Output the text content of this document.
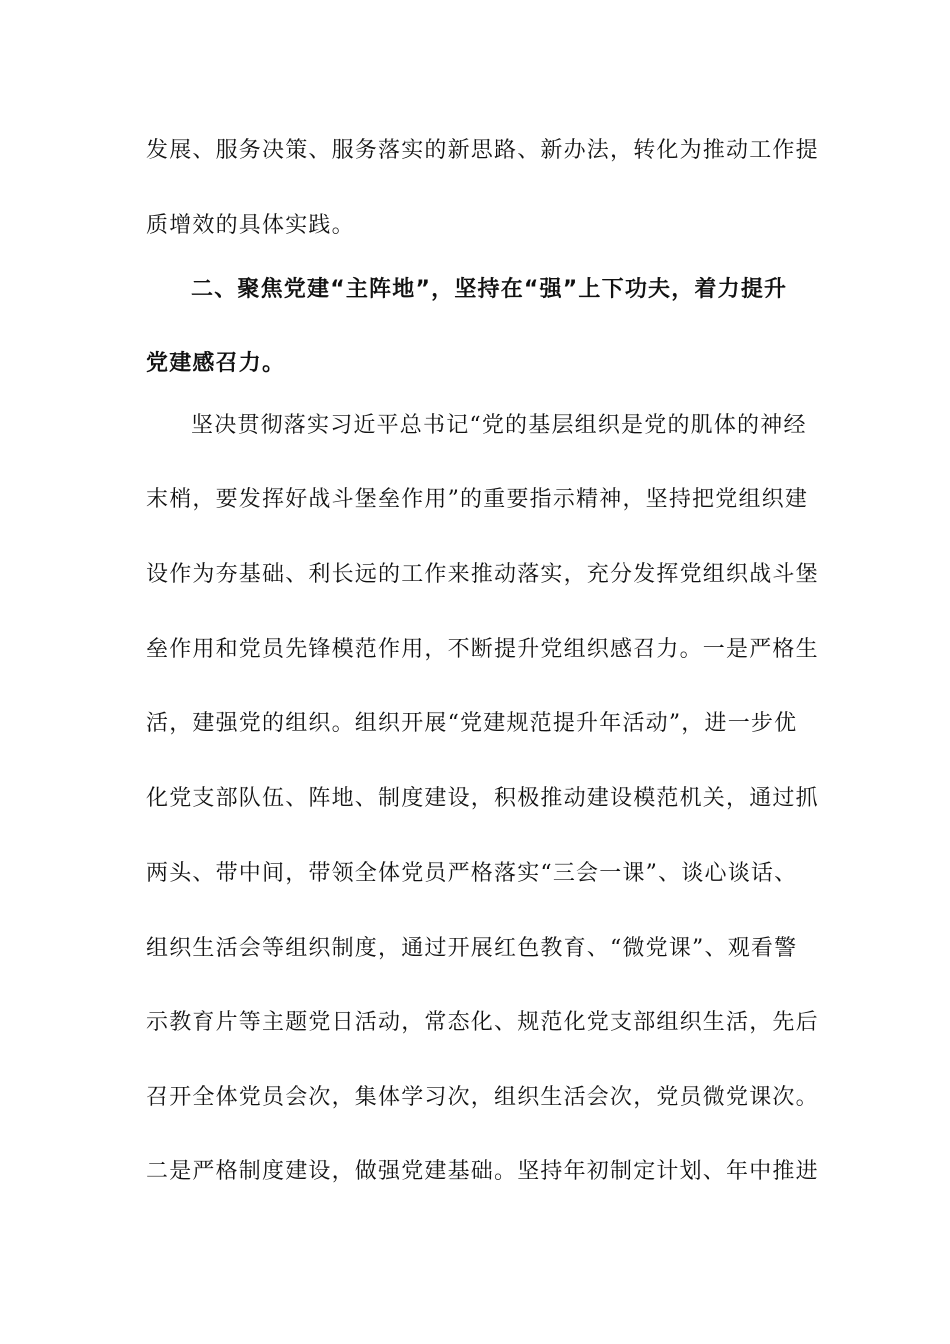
发展、服务决策、服务落实的新思路、新办法，转化为推动工作提
质增效的具体实践。
二、聚焦党建“主阵地”，坚持在“强”上下功夫，着力提升
党建感召力。
坚决贯彻落实习近平总书记“党的基层组织是党的肌体的神经
末梢，要发挥好战斗堡垒作用”的重要指示精神，坚持把党组织建
设作为夯基础、利长远的工作来推动落实，充分发挥党组织战斗堡
垒作用和党员先锋模范作用，不断提升党组织感召力。一是严格生
活，建强党的组织。组织开展“党建规范提升年活动”，进一步优
化党支部队伍、阵地、制度建设，积极推动建设模范机关，通过抓
两头、带中间，带领全体党员严格落实“三会一课”、谈心谈话、
组织生活会等组织制度，通过开展红色教育、“微党课”、观看警
示教育片等主题党日活动，常态化、规范化党支部组织生活，先后
召开全体党员会次，集体学习次，组织生活会次，党员微党课次。
二是严格制度建设，做强党建基础。坚持年初制定计划、年中推进
